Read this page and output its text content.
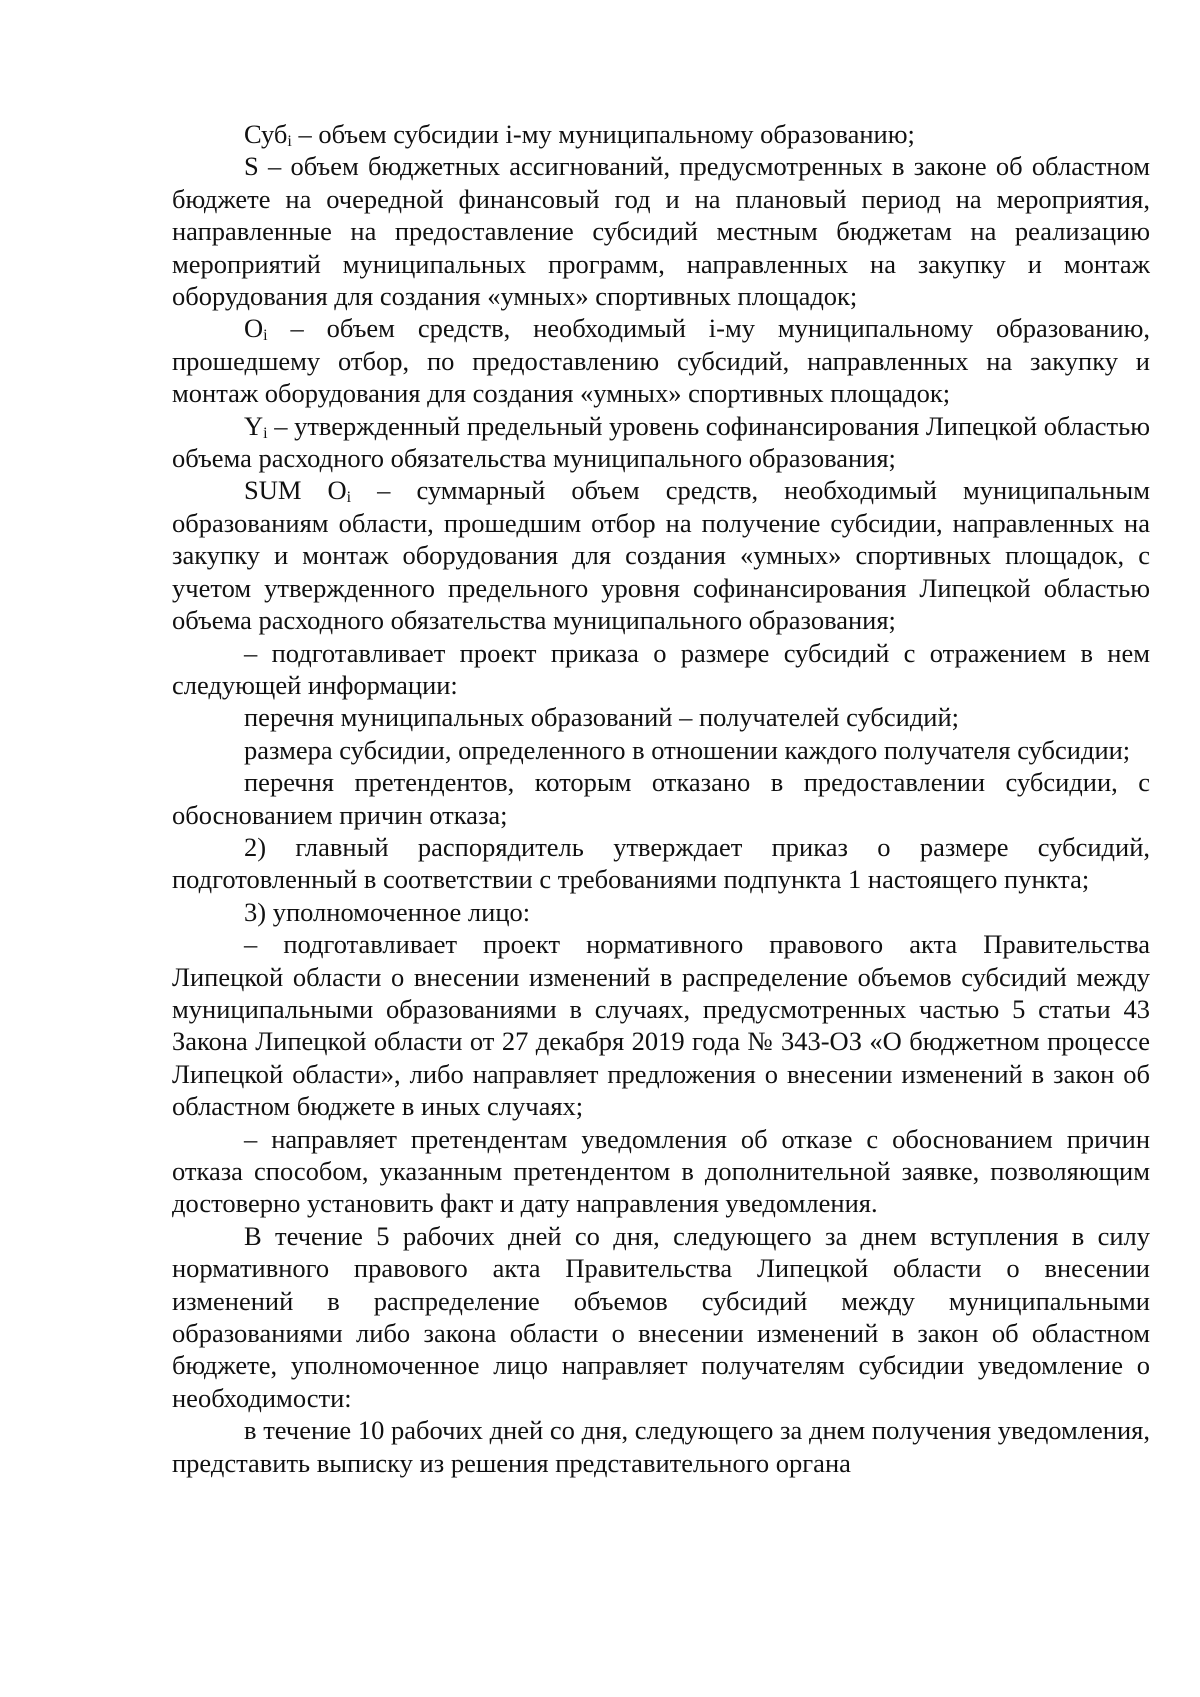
Суб$_i$ – объем субсидии i-му муниципальному образованию;

S – объем бюджетных ассигнований, предусмотренных в законе об областном бюджете на очередной финансовый год и на плановый период на мероприятия, направленные на предоставление субсидий местным бюджетам на реализацию мероприятий муниципальных программ, направленных на закупку и монтаж оборудования для создания «умных» спортивных площадок;

$O_i$ – объем средств, необходимый i-му муниципальному образованию, прошедшему отбор, по предоставлению субсидий, направленных на закупку и монтаж оборудования для создания «умных» спортивных площадок;

$Y_i$ – утвержденный предельный уровень софинансирования Липецкой областью объема расходного обязательства муниципального образования;

SUM $O_i$ – суммарный объем средств, необходимый муниципальным образованиям области, прошедшим отбор на получение субсидии, направленных на закупку и монтаж оборудования для создания «умных» спортивных площадок, с учетом утвержденного предельного уровня софинансирования Липецкой областью объема расходного обязательства муниципального образования;

– подготавливает проект приказа о размере субсидий с отражением в нем следующей информации:

перечня муниципальных образований – получателей субсидий;

размера субсидии, определенного в отношении каждого получателя субсидии;

перечня претендентов, которым отказано в предоставлении субсидии, с обоснованием причин отказа;

2) главный распорядитель утверждает приказ о размере субсидий, подготовленный в соответствии с требованиями подпункта 1 настоящего пункта;

3) уполномоченное лицо:

– подготавливает проект нормативного правового акта Правительства Липецкой области о внесении изменений в распределение объемов субсидий между муниципальными образованиями в случаях, предусмотренных частью 5 статьи 43 Закона Липецкой области от 27 декабря 2019 года № 343-ОЗ «О бюджетном процессе Липецкой области», либо направляет предложения о внесении изменений в закон об областном бюджете в иных случаях;

– направляет претендентам уведомления об отказе с обоснованием причин отказа способом, указанным претендентом в дополнительной заявке, позволяющим достоверно установить факт и дату направления уведомления.

В течение 5 рабочих дней со дня, следующего за днем вступления в силу нормативного правового акта Правительства Липецкой области о внесении изменений в распределение объемов субсидий между муниципальными образованиями либо закона области о внесении изменений в закон об областном бюджете, уполномоченное лицо направляет получателям субсидии уведомление о необходимости:

в течение 10 рабочих дней со дня, следующего за днем получения уведомления, представить выписку из решения представительного органа
